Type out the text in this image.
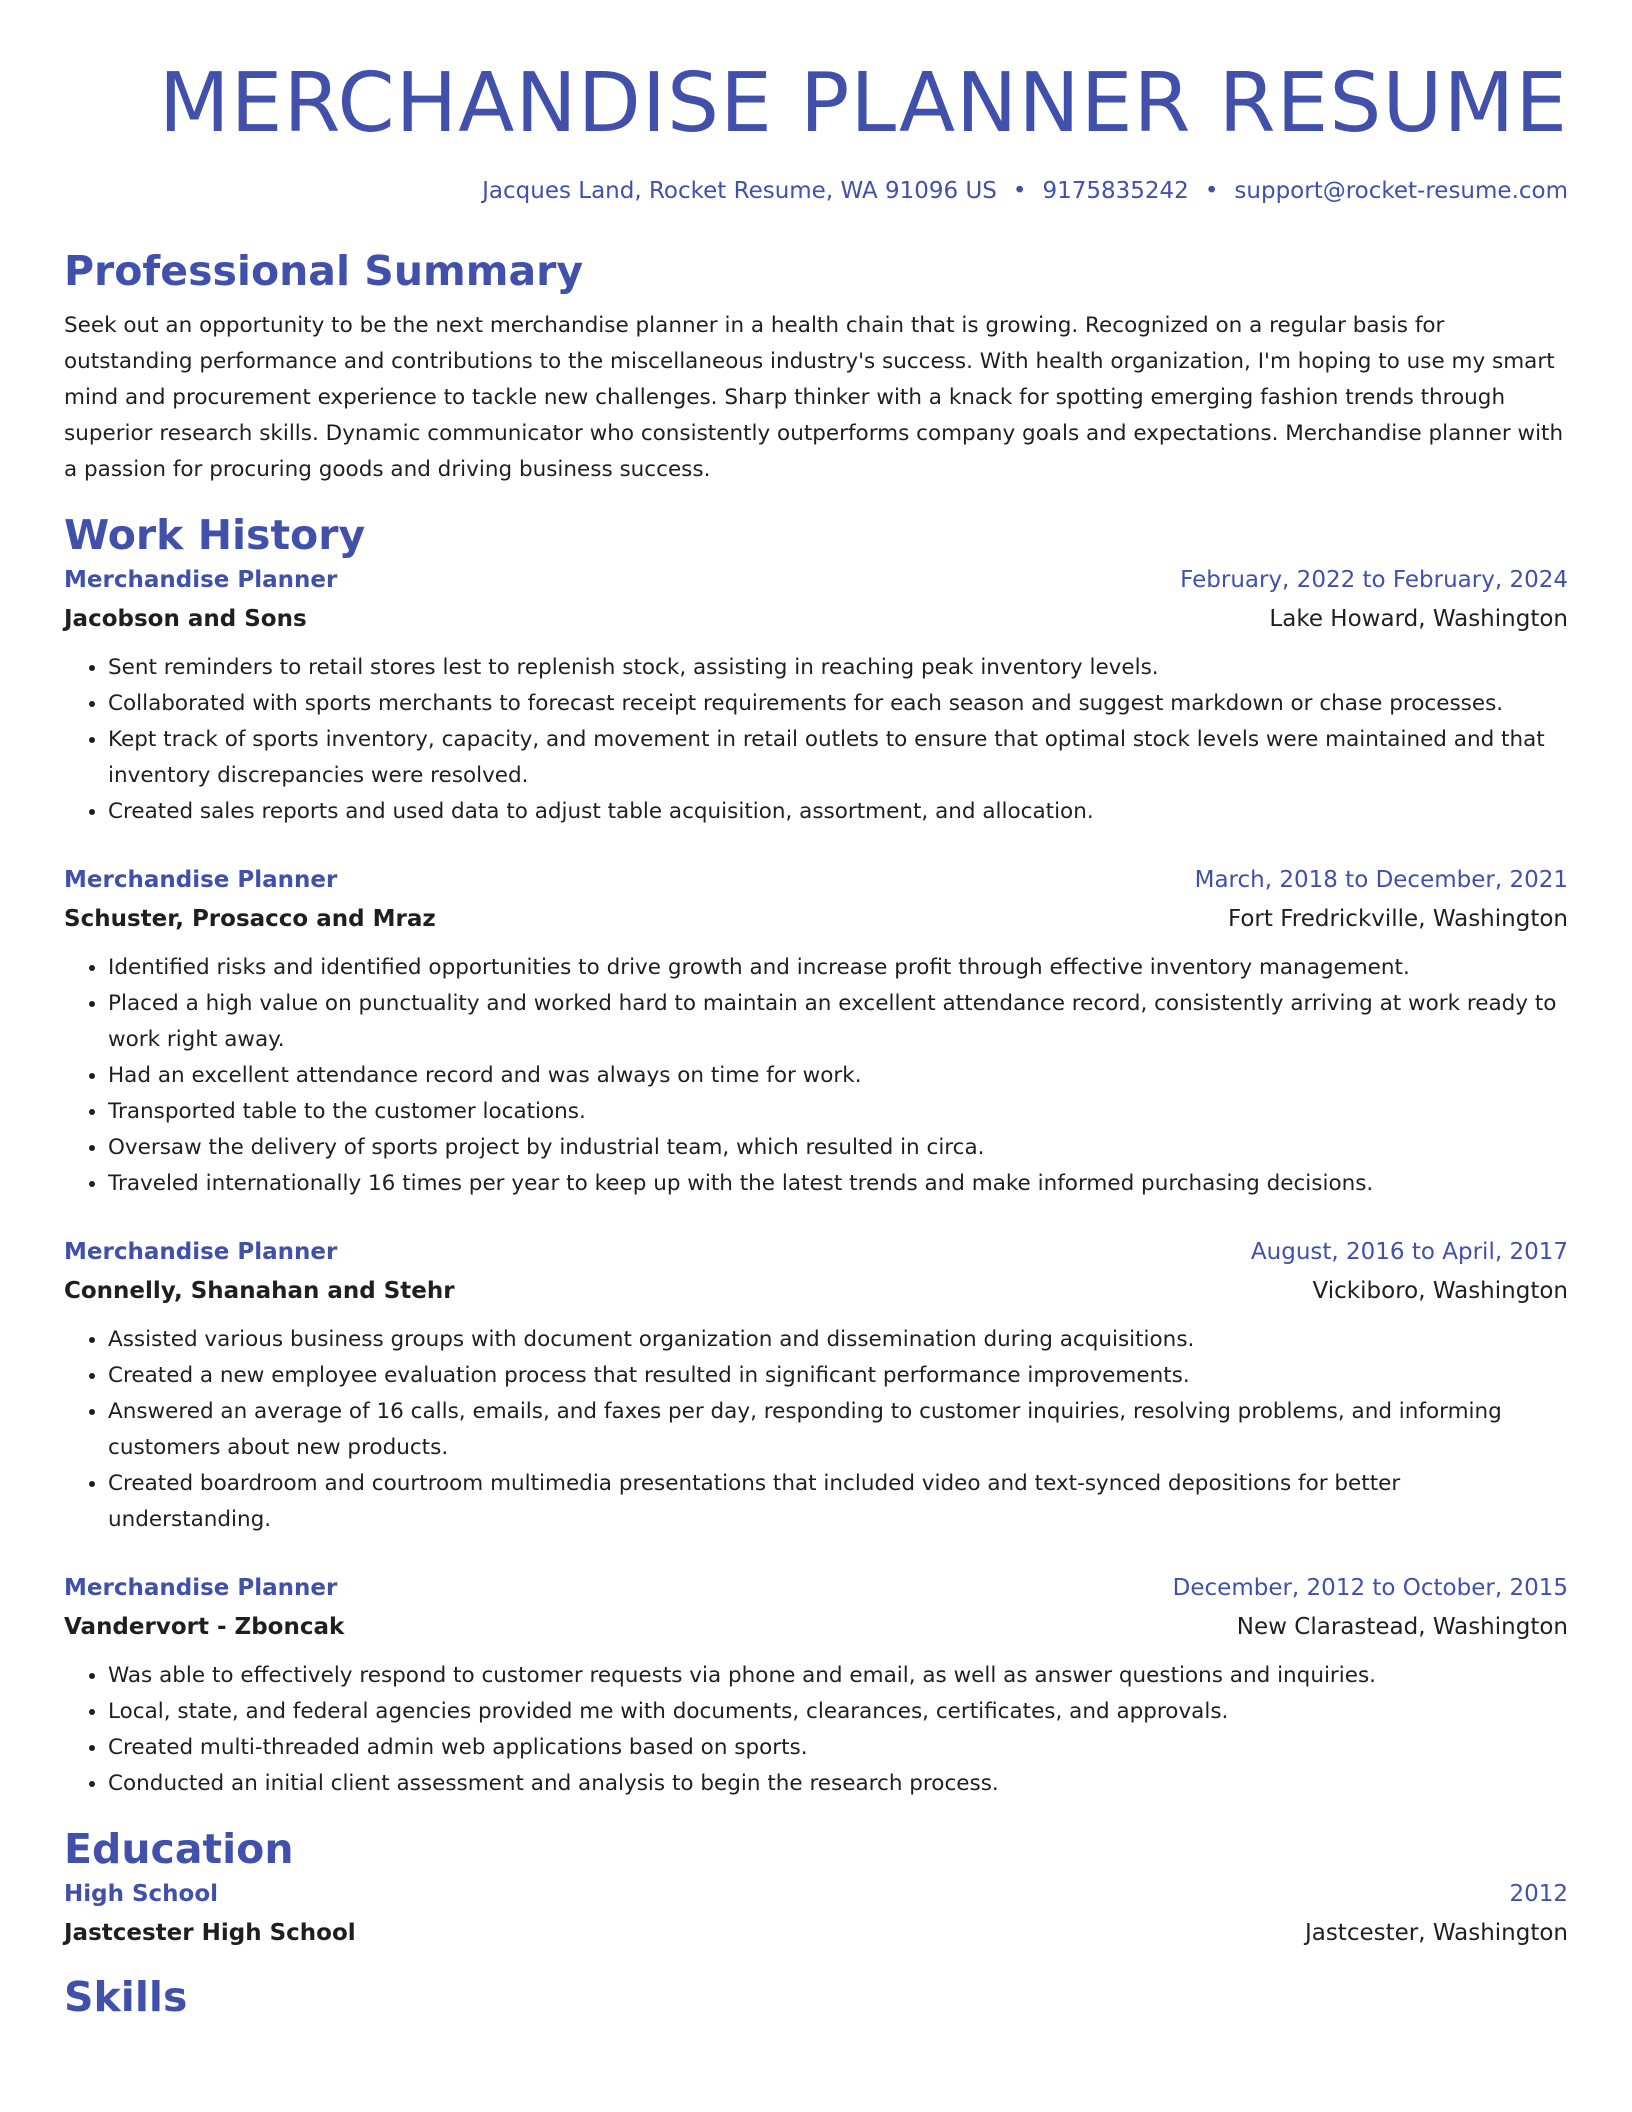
MERCHANDISE PLANNER RESUME
Jacques Land, Rocket Resume, WA 91096 US • 9175835242 • support@rocket-resume.com
Professional Summary
Seek out an opportunity to be the next merchandise planner in a health chain that is growing. Recognized on a regular basis for outstanding performance and contributions to the miscellaneous industry's success. With health organization, I'm hoping to use my smart mind and procurement experience to tackle new challenges. Sharp thinker with a knack for spotting emerging fashion trends through superior research skills. Dynamic communicator who consistently outperforms company goals and expectations. Merchandise planner with a passion for procuring goods and driving business success.
Work History
Merchandise Planner	February, 2022 to February, 2024
Jacobson and Sons	Lake Howard, Washington
• Sent reminders to retail stores lest to replenish stock, assisting in reaching peak inventory levels.
• Collaborated with sports merchants to forecast receipt requirements for each season and suggest markdown or chase processes.
• Kept track of sports inventory, capacity, and movement in retail outlets to ensure that optimal stock levels were maintained and that inventory discrepancies were resolved.
• Created sales reports and used data to adjust table acquisition, assortment, and allocation.
Merchandise Planner	March, 2018 to December, 2021
Schuster, Prosacco and Mraz	Fort Fredrickville, Washington
• Identified risks and identified opportunities to drive growth and increase profit through effective inventory management.
• Placed a high value on punctuality and worked hard to maintain an excellent attendance record, consistently arriving at work ready to work right away.
• Had an excellent attendance record and was always on time for work.
• Transported table to the customer locations.
• Oversaw the delivery of sports project by industrial team, which resulted in circa.
• Traveled internationally 16 times per year to keep up with the latest trends and make informed purchasing decisions.
Merchandise Planner	August, 2016 to April, 2017
Connelly, Shanahan and Stehr	Vickiboro, Washington
• Assisted various business groups with document organization and dissemination during acquisitions.
• Created a new employee evaluation process that resulted in significant performance improvements.
• Answered an average of 16 calls, emails, and faxes per day, responding to customer inquiries, resolving problems, and informing customers about new products.
• Created boardroom and courtroom multimedia presentations that included video and text-synced depositions for better understanding.
Merchandise Planner	December, 2012 to October, 2015
Vandervort - Zboncak	New Clarastead, Washington
• Was able to effectively respond to customer requests via phone and email, as well as answer questions and inquiries.
• Local, state, and federal agencies provided me with documents, clearances, certificates, and approvals.
• Created multi-threaded admin web applications based on sports.
• Conducted an initial client assessment and analysis to begin the research process.
Education
High School	2012
Jastcester High School	Jastcester, Washington
Skills
